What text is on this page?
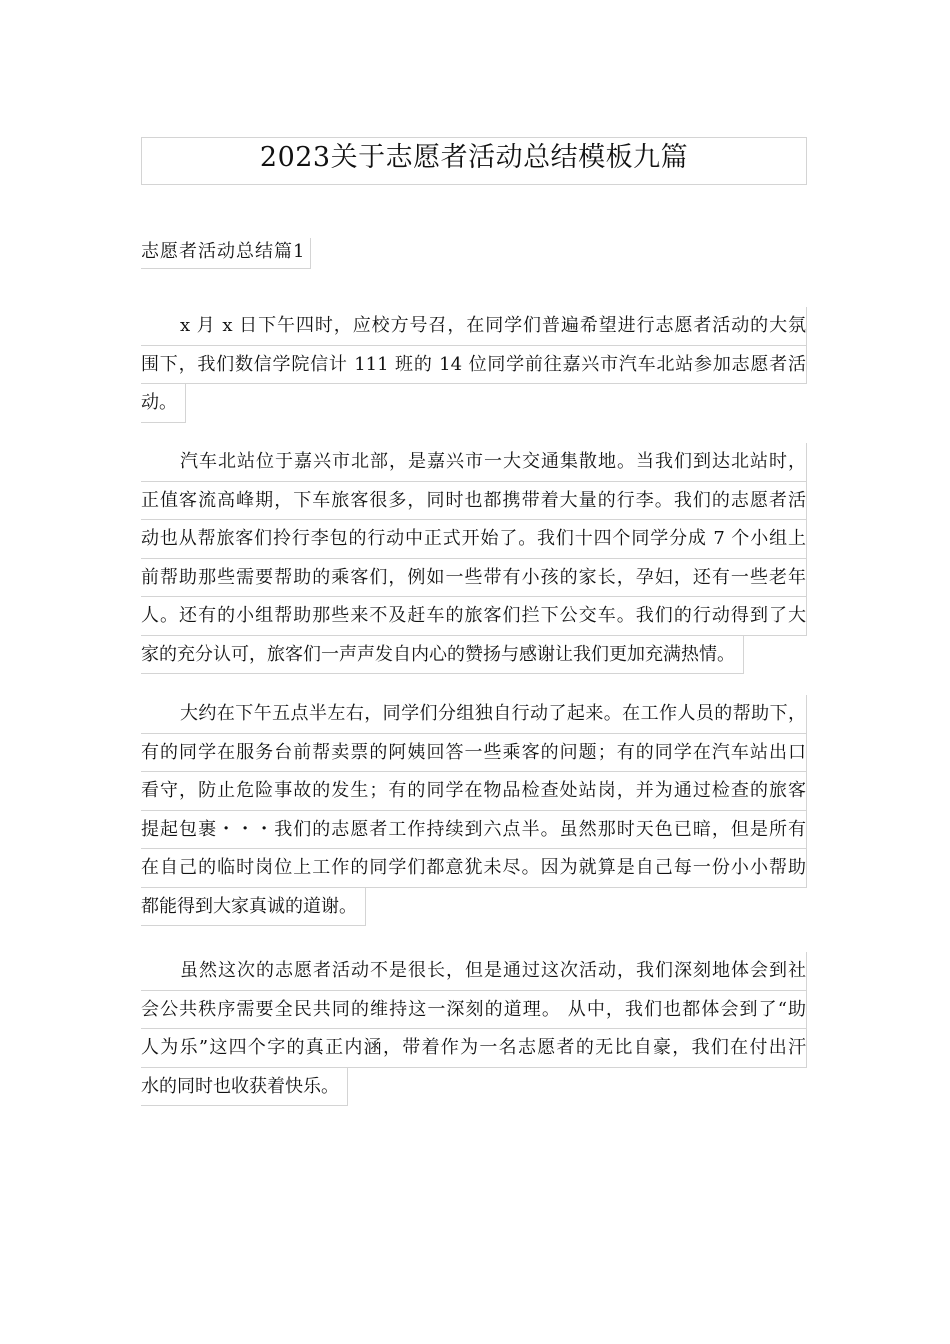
2023关于志愿者活动总结模板九篇
志愿者活动总结篇1
x 月 x 日下午四时，应校方号召，在同学们普遍希望进行志愿者活动的大氛
围下，我们数信学院信计 111 班的 14 位同学前往嘉兴市汽车北站参加志愿者活
动。
汽车北站位于嘉兴市北部，是嘉兴市一大交通集散地。当我们到达北站时，
正值客流高峰期，下车旅客很多，同时也都携带着大量的行李。我们的志愿者活
动也从帮旅客们拎行李包的行动中正式开始了。我们十四个同学分成 7 个小组上
前帮助那些需要帮助的乘客们，例如一些带有小孩的家长，孕妇，还有一些老年
人。还有的小组帮助那些来不及赶车的旅客们拦下公交车。我们的行动得到了大
家的充分认可，旅客们一声声发自内心的赞扬与感谢让我们更加充满热情。
大约在下午五点半左右，同学们分组独自行动了起来。在工作人员的帮助下，
有的同学在服务台前帮卖票的阿姨回答一些乘客的问题；有的同学在汽车站出口
看守，防止危险事故的发生；有的同学在物品检查处站岗，并为通过检查的旅客
提起包裹・・・我们的志愿者工作持续到六点半。虽然那时天色已暗，但是所有
在自己的临时岗位上工作的同学们都意犹未尽。因为就算是自己每一份小小帮助
都能得到大家真诚的道谢。
虽然这次的志愿者活动不是很长，但是通过这次活动，我们深刻地体会到社
会公共秩序需要全民共同的维持这一深刻的道理。 从中，我们也都体会到了“助
人为乐”这四个字的真正内涵，带着作为一名志愿者的无比自豪，我们在付出汗
水的同时也收获着快乐。
